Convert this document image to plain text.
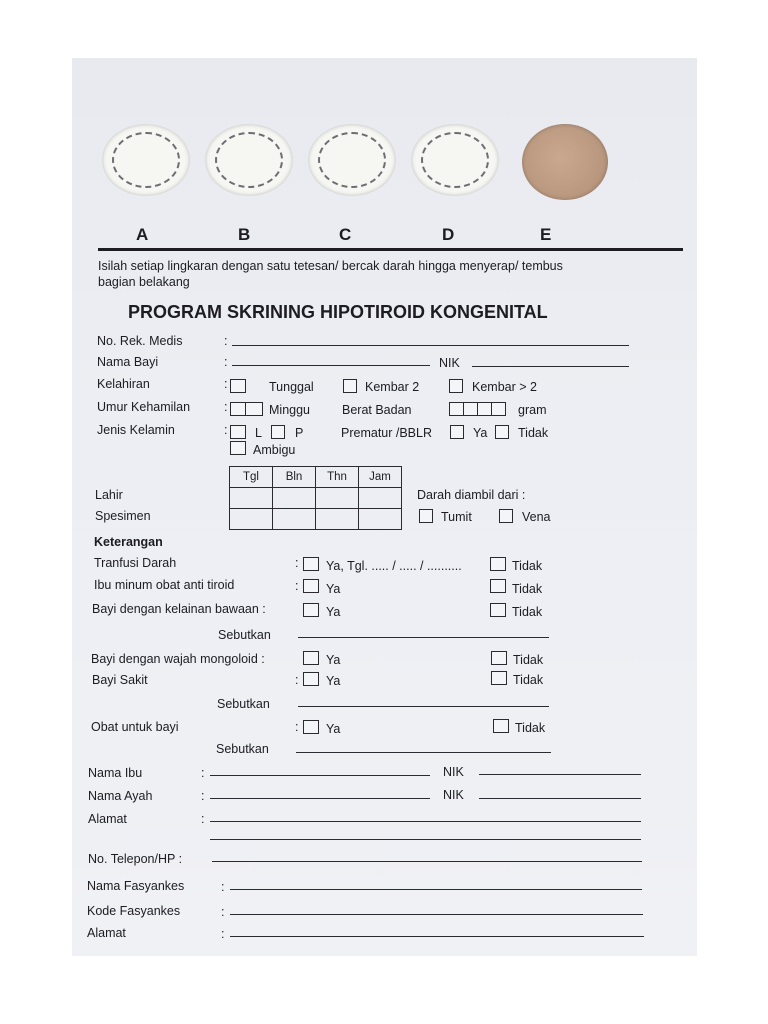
A	B	C	D	E
Isilah setiap lingkaran dengan satu tetesan/ bercak darah hingga menyerap/ tembus
bagian belakang
PROGRAM SKRINING HIPOTIROID KONGENITAL
No. Rek. Medis	:
Nama Bayi	:	NIK
Kelahiran	:	Tunggal	Kembar 2	Kembar > 2
Umur Kehamilan	:	Minggu	Berat Badan	gram
Jenis Kelamin	: L	P	Prematur /BBLR	Ya Tidak
Ambigu
Tgl	Bln	Thn	Jam

Lahir
Spesimen
Darah diambil dari :
Tumit	Vena
Keterangan
Tranfusi Darah	: Ya, Tgl. ..... / ..... / ..........	Tidak
Ibu minum obat anti tiroid	: Ya	Tidak
Bayi dengan kelainan bawaan :	Ya	Tidak
Sebutkan
Bayi dengan wajah mongoloid :	Ya	Tidak
Bayi Sakit	: Ya	Tidak
Sebutkan
Obat untuk bayi	: Ya	Tidak
Sebutkan
Nama Ibu	:	NIK
Nama Ayah	:	NIK
Alamat	:
No. Telepon/HP :
Nama Fasyankes	:
Kode Fasyankes	:
Alamat	:
